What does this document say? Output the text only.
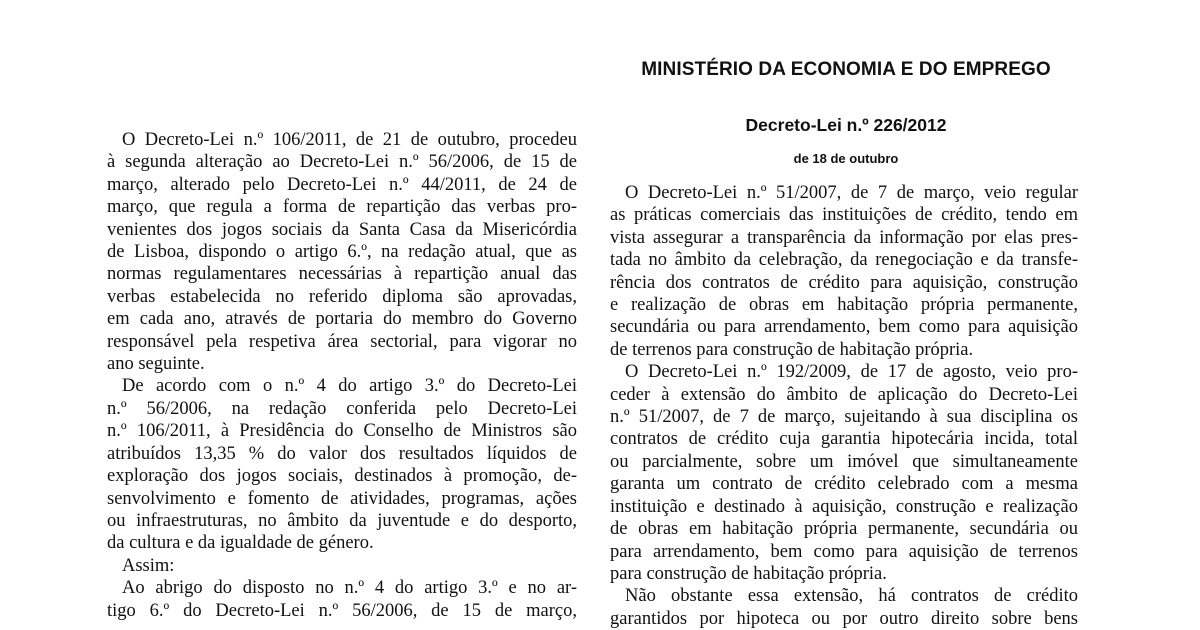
MINISTÉRIO DA ECONOMIA E DO EMPREGO
Decreto-Lei n.º 226/2012
de 18 de outubro
O Decreto-Lei n.º 106/2011, de 21 de outubro, procedeu
à segunda alteração ao Decreto-Lei n.º 56/2006, de 15 de
março, alterado pelo Decreto-Lei n.º 44/2011, de 24 de
março, que regula a forma de repartição das verbas pro-
venientes dos jogos sociais da Santa Casa da Misericórdia
de Lisboa, dispondo o artigo 6.º, na redação atual, que as
normas regulamentares necessárias à repartição anual das
verbas estabelecida no referido diploma são aprovadas,
em cada ano, através de portaria do membro do Governo
responsável pela respetiva área sectorial, para vigorar no
ano seguinte.
De acordo com o n.º 4 do artigo 3.º do Decreto-Lei
n.º 56/2006, na redação conferida pelo Decreto-Lei
n.º 106/2011, à Presidência do Conselho de Ministros são
atribuídos 13,35 % do valor dos resultados líquidos de
exploração dos jogos sociais, destinados à promoção, de-
senvolvimento e fomento de atividades, programas, ações
ou infraestruturas, no âmbito da juventude e do desporto,
da cultura e da igualdade de género.
Assim:
Ao abrigo do disposto no n.º 4 do artigo 3.º e no ar-
tigo 6.º do Decreto-Lei n.º 56/2006, de 15 de março,
O Decreto-Lei n.º 51/2007, de 7 de março, veio regular
as práticas comerciais das instituições de crédito, tendo em
vista assegurar a transparência da informação por elas pres-
tada no âmbito da celebração, da renegociação e da transfe-
rência dos contratos de crédito para aquisição, construção
e realização de obras em habitação própria permanente,
secundária ou para arrendamento, bem como para aquisição
de terrenos para construção de habitação própria.
O Decreto-Lei n.º 192/2009, de 17 de agosto, veio pro-
ceder à extensão do âmbito de aplicação do Decreto-Lei
n.º 51/2007, de 7 de março, sujeitando à sua disciplina os
contratos de crédito cuja garantia hipotecária incida, total
ou parcialmente, sobre um imóvel que simultaneamente
garanta um contrato de crédito celebrado com a mesma
instituição e destinado à aquisição, construção e realização
de obras em habitação própria permanente, secundária ou
para arrendamento, bem como para aquisição de terrenos
para construção de habitação própria.
Não obstante essa extensão, há contratos de crédito
garantidos por hipoteca ou por outro direito sobre bens
